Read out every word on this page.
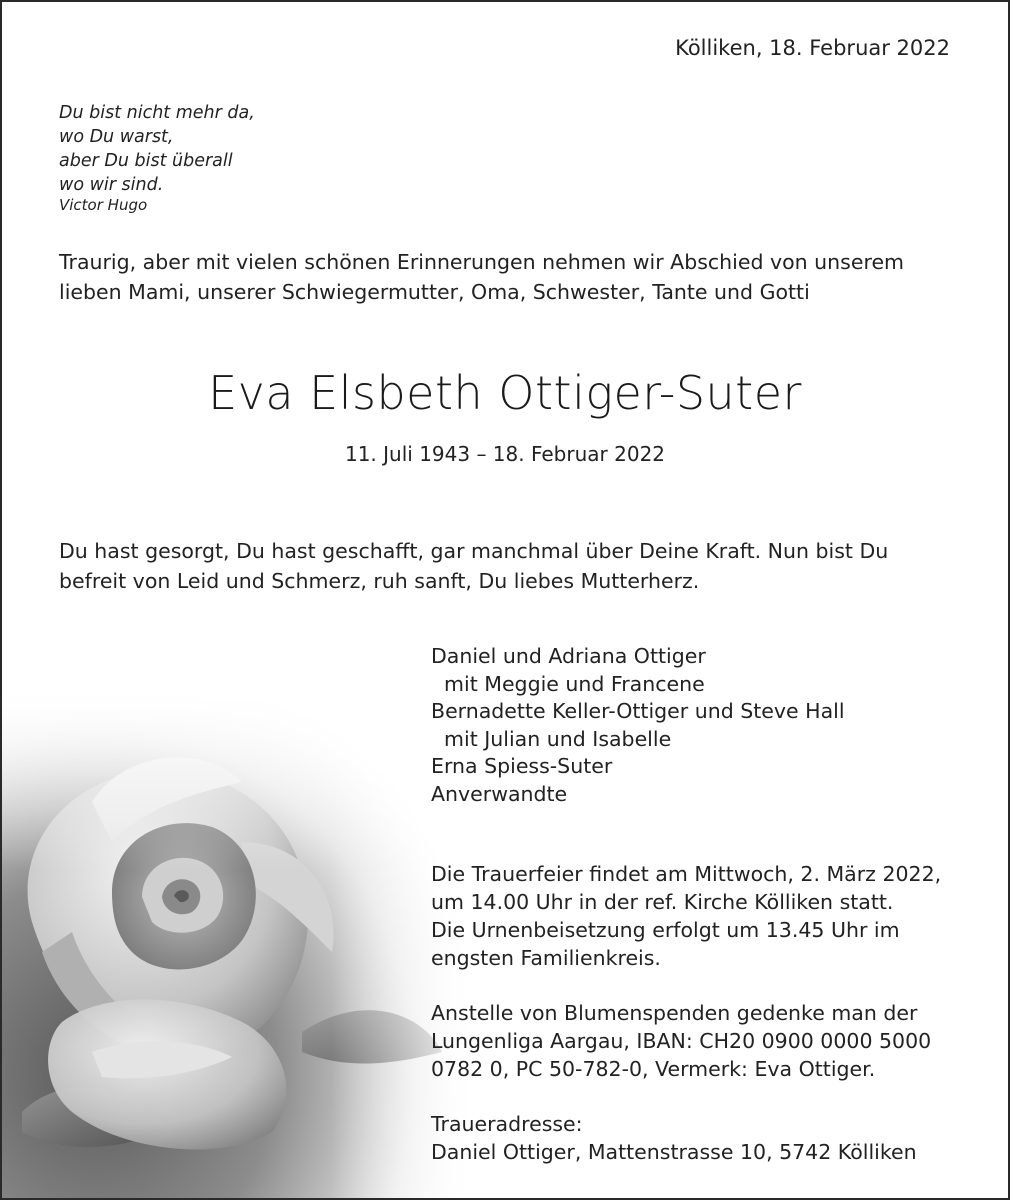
Kölliken, 18. Februar 2022
Du bist nicht mehr da,
wo Du warst,
aber Du bist überall
wo wir sind.
Victor Hugo
Traurig, aber mit vielen schönen Erinnerungen nehmen wir Abschied von unserem
lieben Mami, unserer Schwiegermutter, Oma, Schwester, Tante und Gotti
Eva Elsbeth Ottiger-Suter
11. Juli 1943 – 18. Februar 2022
Du hast gesorgt, Du hast geschafft, gar manchmal über Deine Kraft. Nun bist Du
befreit von Leid und Schmerz, ruh sanft, Du liebes Mutterherz.
Daniel und Adriana Ottiger
mit Meggie und Francene
Bernadette Keller-Ottiger und Steve Hall
mit Julian und Isabelle
Erna Spiess-Suter
Anverwandte
Die Trauerfeier findet am Mittwoch, 2. März 2022,
um 14.00 Uhr in der ref. Kirche Kölliken statt.
Die Urnenbeisetzung erfolgt um 13.45 Uhr im
engsten Familienkreis.
Anstelle von Blumenspenden gedenke man der
Lungenliga Aargau, IBAN: CH20 0900 0000 5000
0782 0, PC 50-782-0, Vermerk: Eva Ottiger.
Traueradresse:
Daniel Ottiger, Mattenstrasse 10, 5742 Kölliken
